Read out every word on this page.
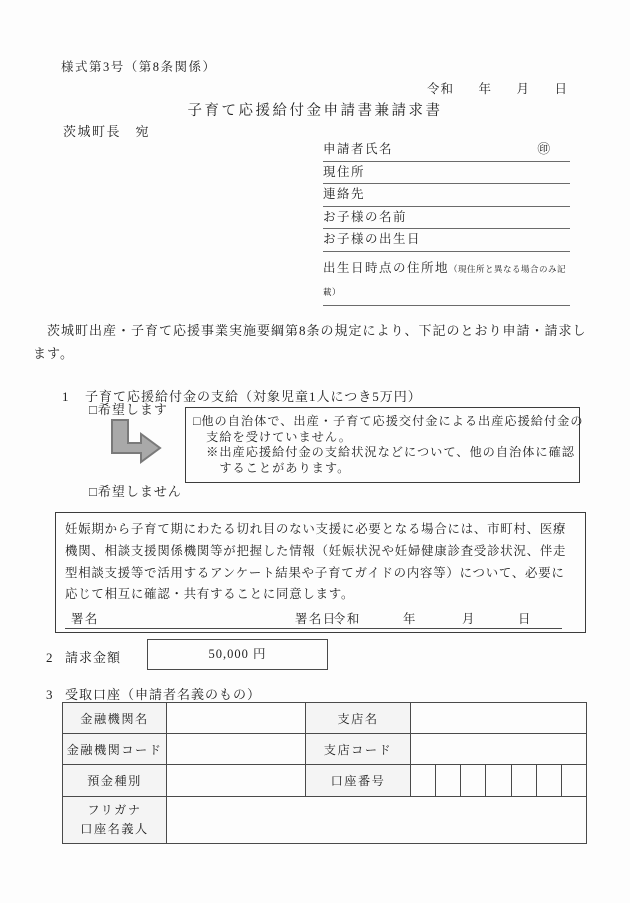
様式第3号（第8条関係）
令和 年 月 日
子育て応援給付金申請書兼請求書
茨城町長　宛
申請者氏名	㊞
現住所
連絡先
お子様の名前
お子様の出生日
出生日時点の住所地（現住所と異なる場合のみ記載）
　茨城町出産・子育て応援事業実施要綱第8条の規定により、下記のとおり申請・請求します。
1 子育て応援給付金の支給（対象児童1人につき5万円）
□希望します
□他の自治体で、出産・子育て応援交付金による出産応援給付金の
　支給を受けていません。
　※出産応援給付金の支給状況などについて、他の自治体に確認
　　することがあります。
□希望しません
妊娠期から子育て期にわたる切れ目のない支援に必要となる場合には、市町村、医療機関、相談支援関係機関等が把握した情報（妊娠状況や妊婦健康診査受診状況、伴走型相談支援等で活用するアンケート結果や子育てガイドの内容等）について、必要に応じて相互に確認・共有することに同意します。
署名	署名日
令和	年	月	日
2 請求金額	50,000 円
3 受取口座（申請者名義のもの）
金融機関名		支店名	
金融機関コード		支店コード	
預金種別		口座番号	

フリガナ
口座名義人			
